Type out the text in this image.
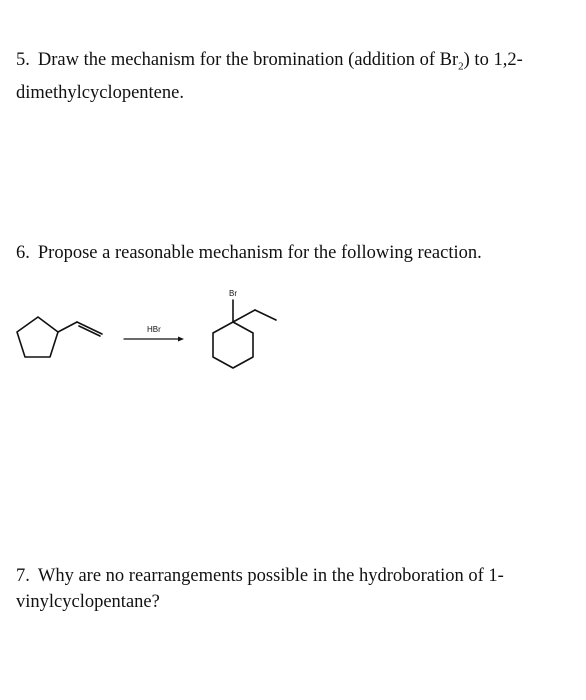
5. Draw the mechanism for the bromination (addition of $Br_2$) to 1,2-dimethylcyclopentene.
6. Propose a reasonable mechanism for the following reaction.
HBr
Br
7. Why are no rearrangements possible in the hydroboration of 1-vinylcyclopentane?
